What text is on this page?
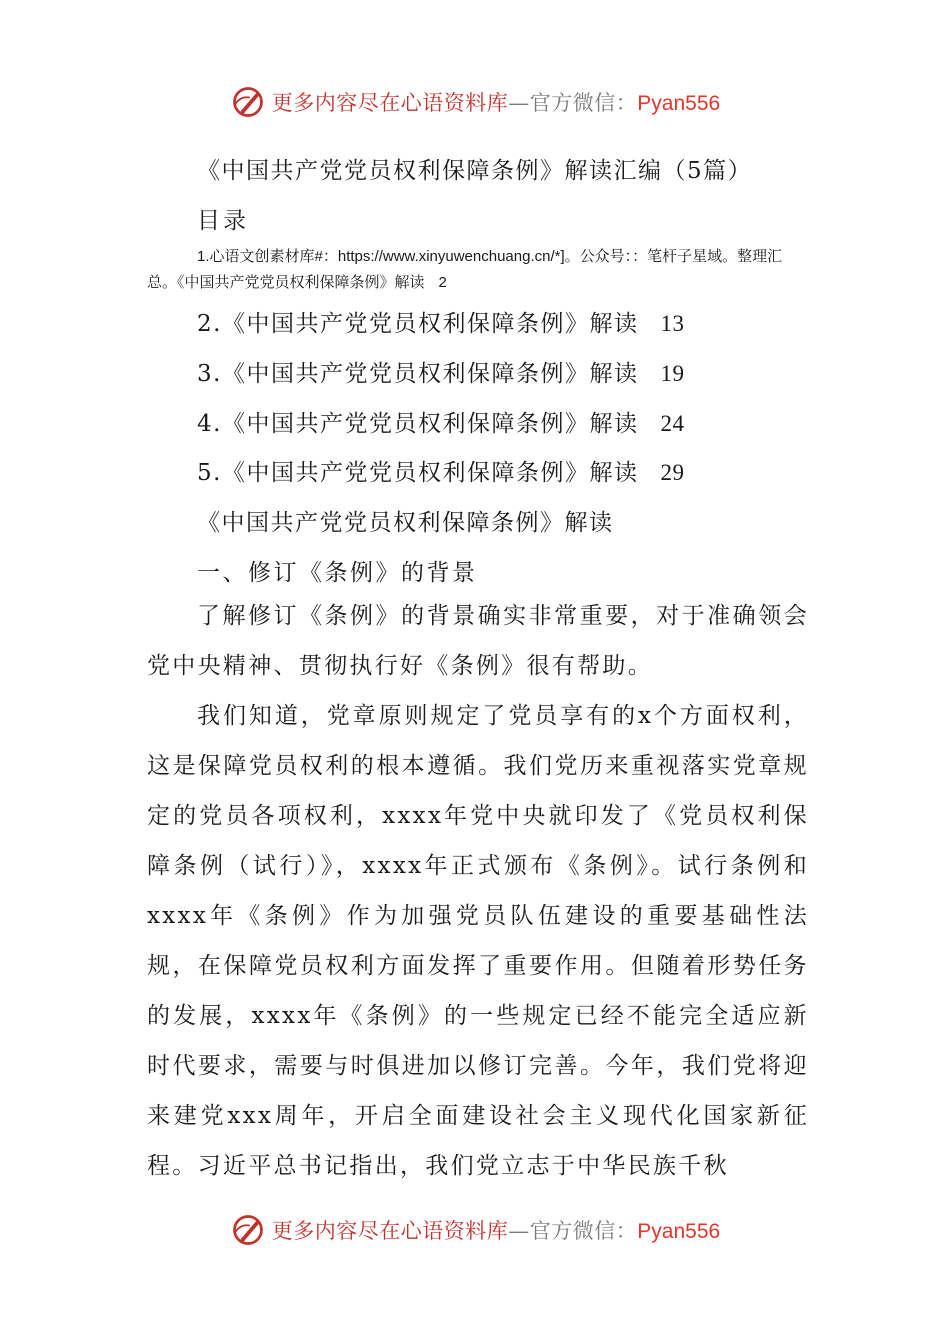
更多内容尽在心语资料库—官方微信：Pyan556
《中国共产党党员权利保障条例》解读汇编（5篇）
目录
1.心语文创素材库#：https://www.xinyuwenchuang.cn/*]。公众号：：笔杆子星域。整理汇总。《中国共产党党员权利保障条例》解读 2
2.《中国共产党党员权利保障条例》解读 13
3.《中国共产党党员权利保障条例》解读 19
4.《中国共产党党员权利保障条例》解读 24
5.《中国共产党党员权利保障条例》解读 29
《中国共产党党员权利保障条例》解读
一、修订《条例》的背景

了解修订《条例》的背景确实非常重要，对于准确领会党中央精神、贯彻执行好《条例》很有帮助。

我们知道，党章原则规定了党员享有的x个方面权利，这是保障党员权利的根本遵循。我们党历来重视落实党章规定的党员各项权利，xxxx年党中央就印发了《党员权利保障条例（试行）》，xxxx年正式颁布《条例》。试行条例和xxxx年《条例》作为加强党员队伍建设的重要基础性法规，在保障党员权利方面发挥了重要作用。但随着形势任务的发展，xxxx年《条例》的一些规定已经不能完全适应新时代要求，需要与时俱进加以修订完善。今年，我们党将迎来建党xxx周年，开启全面建设社会主义现代化国家新征程。习近平总书记指出，我们党立志于中华民族千秋

更多内容尽在心语资料库—官方微信：Pyan556
